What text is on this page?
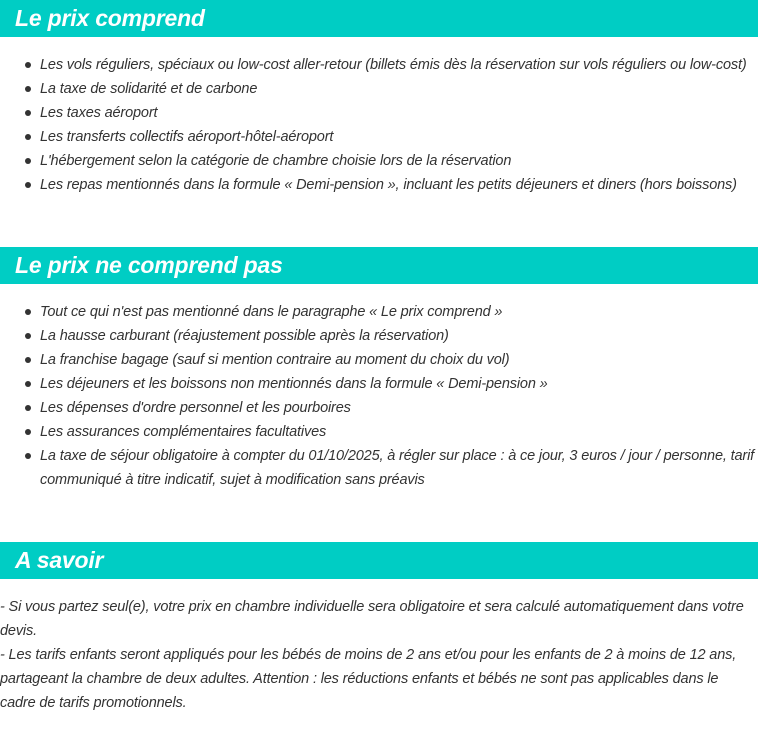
Le prix comprend
Les vols réguliers, spéciaux ou low-cost aller-retour (billets émis dès la réservation sur vols réguliers ou low-cost)
La taxe de solidarité et de carbone
Les taxes aéroport
Les transferts collectifs aéroport-hôtel-aéroport
L'hébergement selon la catégorie de chambre choisie lors de la réservation
Les repas mentionnés dans la formule « Demi-pension », incluant les petits déjeuners et diners (hors boissons)
Le prix ne comprend pas
Tout ce qui n'est pas mentionné dans le paragraphe « Le prix comprend »
La hausse carburant (réajustement possible après la réservation)
La franchise bagage (sauf si mention contraire au moment du choix du vol)
Les déjeuners et les boissons non mentionnés dans la formule « Demi-pension »
Les dépenses d'ordre personnel et les pourboires
Les assurances complémentaires facultatives
La taxe de séjour obligatoire à compter du 01/10/2025, à régler sur place : à ce jour, 3 euros / jour / personne, tarif communiqué à titre indicatif, sujet à modification sans préavis
A savoir

- Si vous partez seul(e), votre prix en chambre individuelle sera obligatoire et sera calculé automatiquement dans votre devis.

- Les tarifs enfants seront appliqués pour les bébés de moins de 2 ans et/ou pour les enfants de 2 à moins de 12 ans, partageant la chambre de deux adultes. Attention : les réductions enfants et bébés ne sont pas applicables dans le cadre de tarifs promotionnels.
